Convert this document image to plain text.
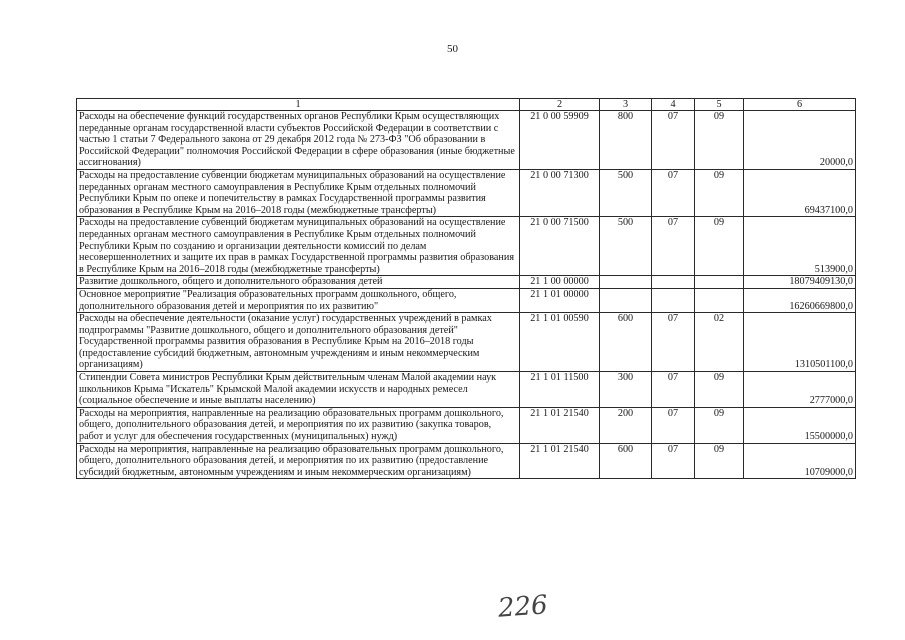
50
1	2	3	4	5	6
Расходы на обеспечение функций государственных органов Республики Крым осуществляющих переданные органам государственной власти субъектов Российской Федерации в соответствии с частью 1 статьи 7 Федерального закона от 29 декабря 2012 года № 273-ФЗ "Об образовании в Российской Федерации" полномочия Российской Федерации в сфере образования (иные бюджетные ассигнования)	21 0 00 59909	800	07	09	20000,0
Расходы на предоставление субвенции бюджетам муниципальных образований на осуществление переданных органам местного самоуправления в Республике Крым отдельных полномочий Республики Крым по опеке и попечительству в рамках Государственной программы развития образования в Республике Крым на 2016–2018 годы (межбюджетные трансферты)	21 0 00 71300	500	07	09	69437100,0
Расходы на предоставление субвенций бюджетам муниципальных образований на осуществление переданных органам местного самоуправления в Республике Крым отдельных полномочий Республики Крым по созданию и организации деятельности комиссий по делам несовершеннолетних и защите их прав в рамках Государственной программы развития образования в Республике Крым на 2016–2018 годы (межбюджетные трансферты)	21 0 00 71500	500	07	09	513900,0
Развитие дошкольного, общего и дополнительного образования детей	21 1 00 00000				18079409130,0
Основное мероприятие "Реализация образовательных программ дошкольного, общего, дополнительного образования детей и мероприятия по их развитию"	21 1 01 00000				16260669800,0
Расходы на обеспечение деятельности (оказание услуг) государственных учреждений в рамках подпрограммы "Развитие дошкольного, общего и дополнительного образования детей" Государственной программы развития образования в Республике Крым на 2016–2018 годы (предоставление субсидий бюджетным, автономным учреждениям и иным некоммерческим организациям)	21 1 01 00590	600	07	02	1310501100,0
Стипендии Совета министров Республики Крым действительным членам Малой академии наук школьников Крыма "Искатель" Крымской Малой академии искусств и народных ремесел (социальное обеспечение и иные выплаты населению)	21 1 01 11500	300	07	09	2777000,0
Расходы на мероприятия, направленные на реализацию образовательных программ дошкольного, общего, дополнительного образования детей, и мероприятия по их развитию (закупка товаров, работ и услуг для обеспечения государственных (муниципальных) нужд)	21 1 01 21540	200	07	09	15500000,0
Расходы на мероприятия, направленные на реализацию образовательных программ дошкольного, общего, дополнительного образования детей, и мероприятия по их развитию (предоставление субсидий бюджетным, автономным учреждениям и иным некоммерческим организациям)	21 1 01 21540	600	07	09	10709000,0
226
